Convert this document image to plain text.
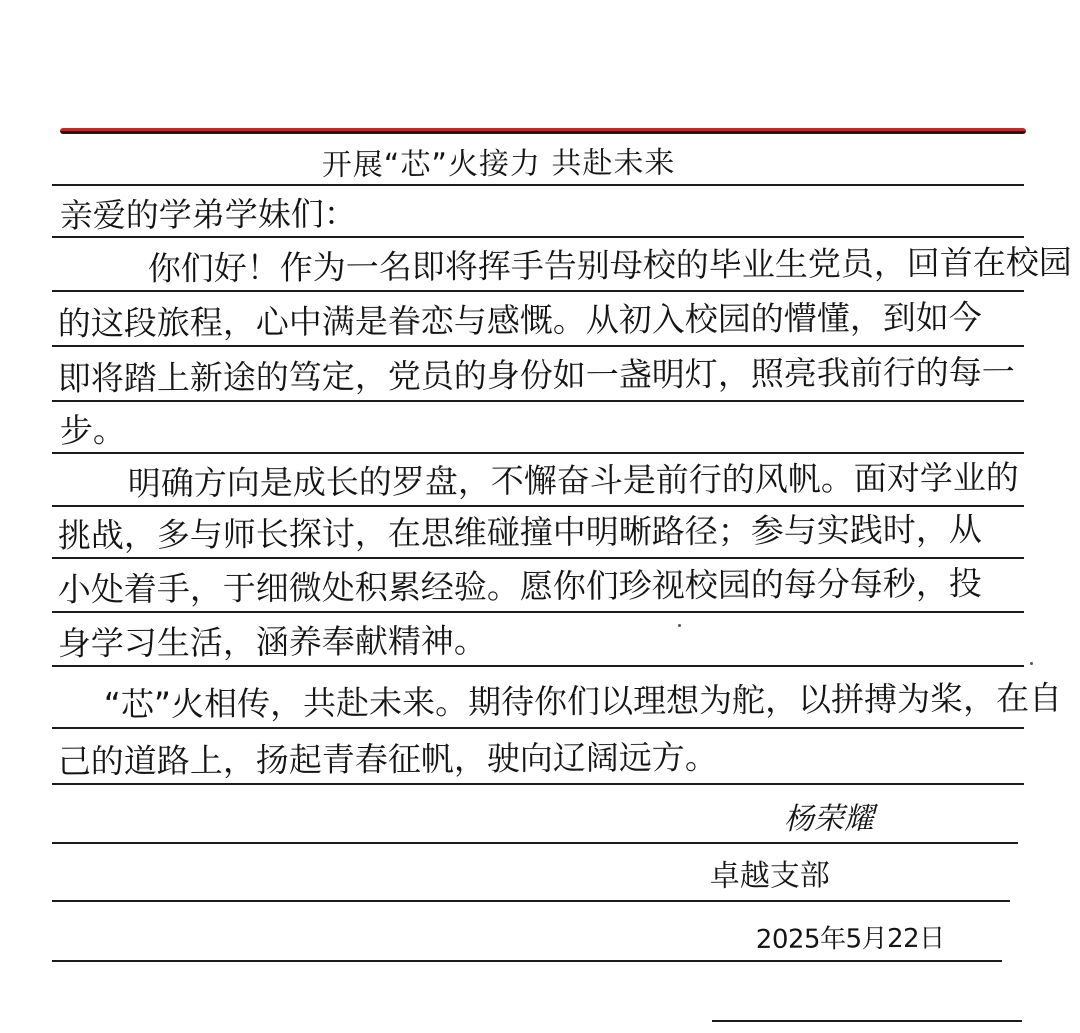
开展“芯”火接力 共赴未来
亲爱的学弟学妹们：
你们好！作为一名即将挥手告别母校的毕业生党员，回首在校园
的这段旅程，心中满是眷恋与感慨。从初入校园的懵懂，到如今
即将踏上新途的笃定，党员的身份如一盏明灯，照亮我前行的每一
步。
明确方向是成长的罗盘，不懈奋斗是前行的风帆。面对学业的
挑战，多与师长探讨，在思维碰撞中明晰路径；参与实践时，从
小处着手，于细微处积累经验。愿你们珍视校园的每分每秒，投
身学习生活，涵养奉献精神。
“芯”火相传，共赴未来。期待你们以理想为舵，以拼搏为桨，在自
己的道路上，扬起青春征帆，驶向辽阔远方。
杨荣耀
卓越支部
2025年5月22日
